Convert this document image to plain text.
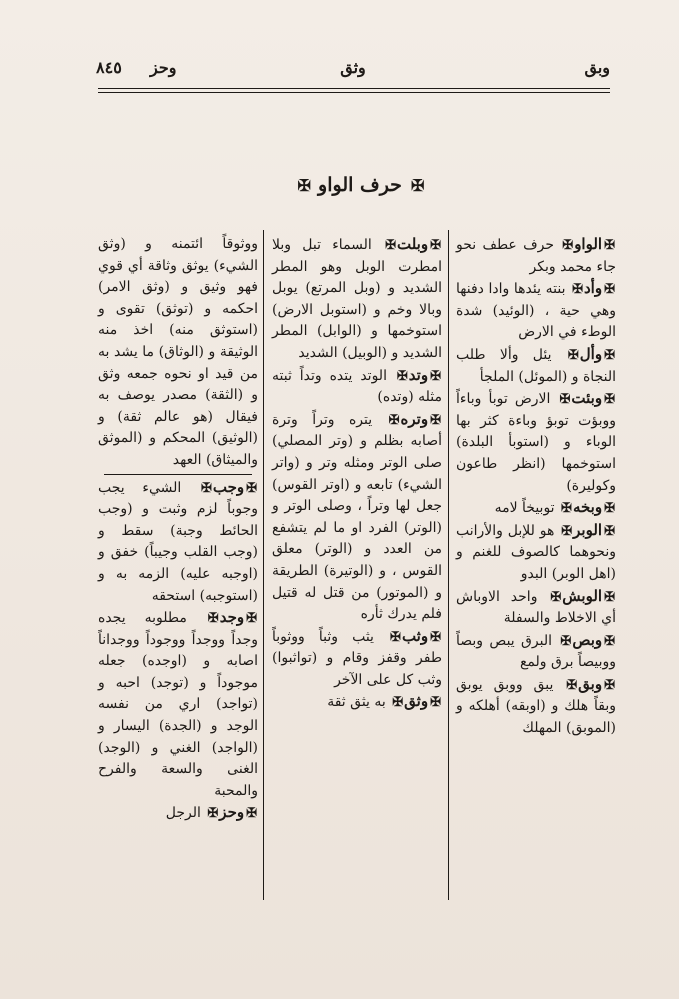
وبق
وثق
وحز
٨٤٥
✠ حرف الواو ✠
✠الواو✠ حرف عطف نحو جاء محمد وبكر
✠وأد✠ بنته يئدها وادا دفنها وهي حية ، (الوئيد) شدة الوطء في الارض
✠وأل✠ يئل وألا طلب النجاة و (الموئل) الملجأ
✠وبئت✠ الارض توبأ وباءاً ووبؤت توبؤ وباءة كثر بها الوباء و (استوبأ البلدة) استوخمها (انظر طاعون وكوليرة)
✠وبخه✠ توبيخاً لامه
✠الوبر✠ هو للإبل والأرانب ونحوهما كالصوف للغنم و (اهل الوبر) البدو
✠الوبش✠ واحد الاوباش أي الاخلاط والسفلة
✠وبص✠ البرق يبص وبصاً ووبيصاً برق ولمع
✠وبق✠ يبق ووبق يوبق وبقاً هلك و (اوبقه) أهلكه و (الموبق) المهلك
✠وبلت✠ السماء تبل وبلا امطرت الوبل وهو المطر الشديد و (وبل المرتع) يوبل وبالا وخم و (استوبل الارض) استوخمها و (الوابل) المطر الشديد و (الوبيل) الشديد
✠وتد✠ الوتد يتده وتداً ثبته مثله (وتده)
✠وتره✠ يتره وتراً وترة أصابه بظلم و (وتر المصلي) صلى الوتر ومثله وتر و (واتر الشيء) تابعه و (اوتر القوس) جعل لها وتراً ، وصلى الوتر و (الوتر) الفرد او ما لم يتشفع من العدد و (الوتر) معلق القوس ، و (الوتيرة) الطريقة و (الموتور) من قتل له قتيل فلم يدرك ثأره
✠وثب✠ يثب وثباً ووثوباً طفر وقفز وقام و (تواثبوا) وثب كل على الآخر
✠وثق✠ به يثق ثقة
ووثوقاً ائتمنه و (وثق الشيء) يوثق وثاقة أي قوي فهو وثيق و (وثق الامر) احكمه و (توثق) تقوى و (استوثق منه) اخذ منه الوثيقة و (الوثاق) ما يشد به من قيد او نحوه جمعه وثق و (الثقة) مصدر يوصف به فيقال (هو عالم ثقة) و (الوثيق) المحكم و (الموثق والميثاق) العهد
✠وجب✠ الشيء يجب وجوباً لزم وثبت و (وجب الحائط وجبة) سقط و (وجب القلب وجيباً) خفق و (اوجبه عليه) الزمه به و (استوجبه) استحقه
✠وجد✠ مطلوبه يجده وجداً ووجداً ووجوداً ووجداناً اصابه و (اوجده) جعله موجوداً و (توجد) احبه و (تواجد) اري من نفسه الوجد و (الجدة) اليسار و (الواجد) الغني و (الوجد) الغنى والسعة والفرح والمحبة
✠وحز✠ الرجل
